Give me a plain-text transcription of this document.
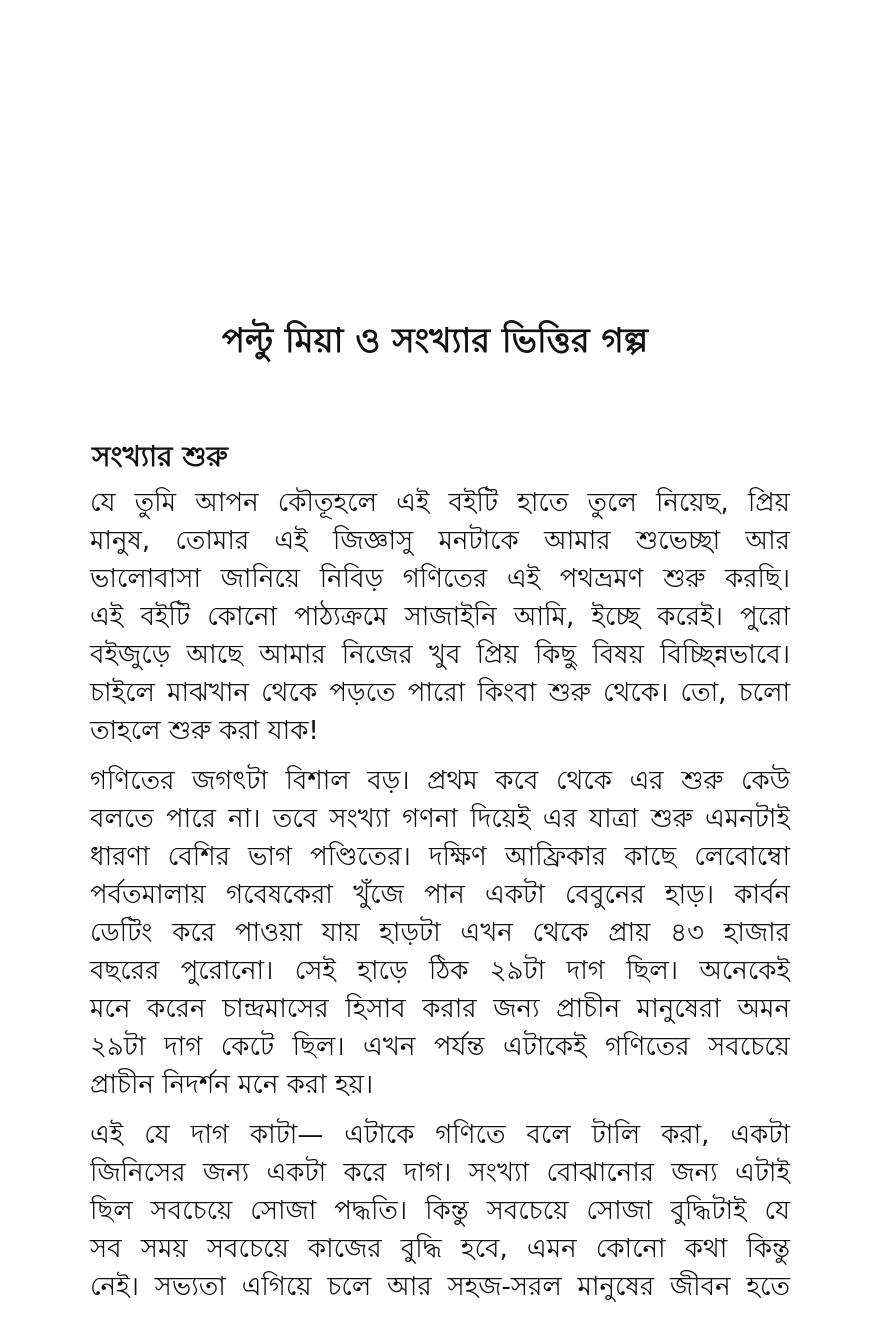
পল্টু মিয়া ও সংখ্যার ভিত্তির গল্প
সংখ্যার শুরু

যে তুমি আপন কৌতূহলে এই বইটি হাতে তুলে নিয়েছ, প্রিয়
মানুষ, তোমার এই জিজ্ঞাসু মনটাকে আমার শুভেচ্ছা আর
ভালোবাসা জানিয়ে নিবিড় গণিতের এই পথভ্রমণ শুরু করছি।
এই বইটি কোনো পাঠ্যক্রমে সাজাইনি আমি, ইচ্ছে করেই। পুরো
বইজুড়ে আছে আমার নিজের খুব প্রিয় কিছু বিষয় বিচ্ছিন্নভাবে।
চাইলে মাঝখান থেকে পড়তে পারো কিংবা শুরু থেকে। তো, চলো
তাহলে শুরু করা যাক!

গণিতের জগৎটা বিশাল বড়। প্রথম কবে থেকে এর শুরু কেউ
বলতে পারে না। তবে সংখ্যা গণনা দিয়েই এর যাত্রা শুরু এমনটাই
ধারণা বেশির ভাগ পণ্ডিতের। দক্ষিণ আফ্রিকার কাছে লেবোম্বো
পর্বতমালায় গবেষকেরা খুঁজে পান একটা বেবুনের হাড়। কার্বন
ডেটিং করে পাওয়া যায় হাড়টা এখন থেকে প্রায় ৪৩ হাজার
বছরের পুরোনো। সেই হাড়ে ঠিক ২৯টা দাগ ছিল। অনেকেই
মনে করেন চান্দ্রমাসের হিসাব করার জন্য প্রাচীন মানুষেরা অমন
২৯টা দাগ কেটে ছিল। এখন পর্যন্ত এটাকেই গণিতের সবচেয়ে
প্রাচীন নিদর্শন মনে করা হয়।

এই যে দাগ কাটা— এটাকে গণিতে বলে টালি করা, একটা
জিনিসের জন্য একটা করে দাগ। সংখ্যা বোঝানোর জন্য এটাই
ছিল সবচেয়ে সোজা পদ্ধতি। কিন্তু সবচেয়ে সোজা বুদ্ধিটাই যে
সব সময় সবচেয়ে কাজের বুদ্ধি হবে, এমন কোনো কথা কিন্তু
নেই। সভ্যতা এগিয়ে চলে আর সহজ-সরল মানুষের জীবন হতে
